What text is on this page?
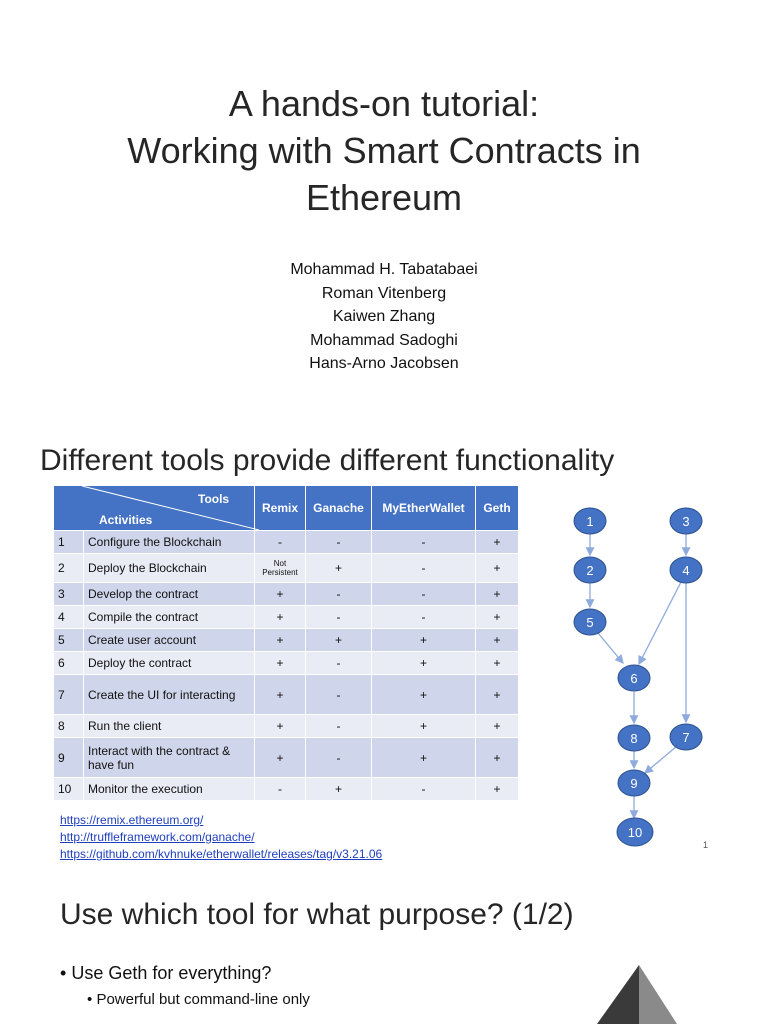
A hands-on tutorial:
Working with Smart Contracts in
Ethereum
Mohammad H. Tabatabaei
Roman Vitenberg
Kaiwen Zhang
Mohammad Sadoghi
Hans-Arno Jacobsen
Different tools provide different functionality
Tools
Activities		Remix	Ganache	MyEtherWallet	Geth
1	Configure the Blockchain	-	-	-	+
2	Deploy the Blockchain	Not Persistent	+	-	+
3	Develop the contract	+	-	-	+
4	Compile the contract	+	-	-	+
5	Create user account	+	+	+	+
6	Deploy the contract	+	-	+	+
7	Create the UI for interacting	+	-	+	+
8	Run the client	+	-	+	+
9	Interact with the contract & have fun	+	-	+	+
10	Monitor the execution	-	+	-	+
1	3
2	4
5
6
7
8
9
10
https://remix.ethereum.org/
http://truffleframework.com/ganache/
https://github.com/kvhnuke/etherwallet/releases/tag/v3.21.06
1
Use which tool for what purpose? (1/2)
• Use Geth for everything?
• Powerful but command-line only
